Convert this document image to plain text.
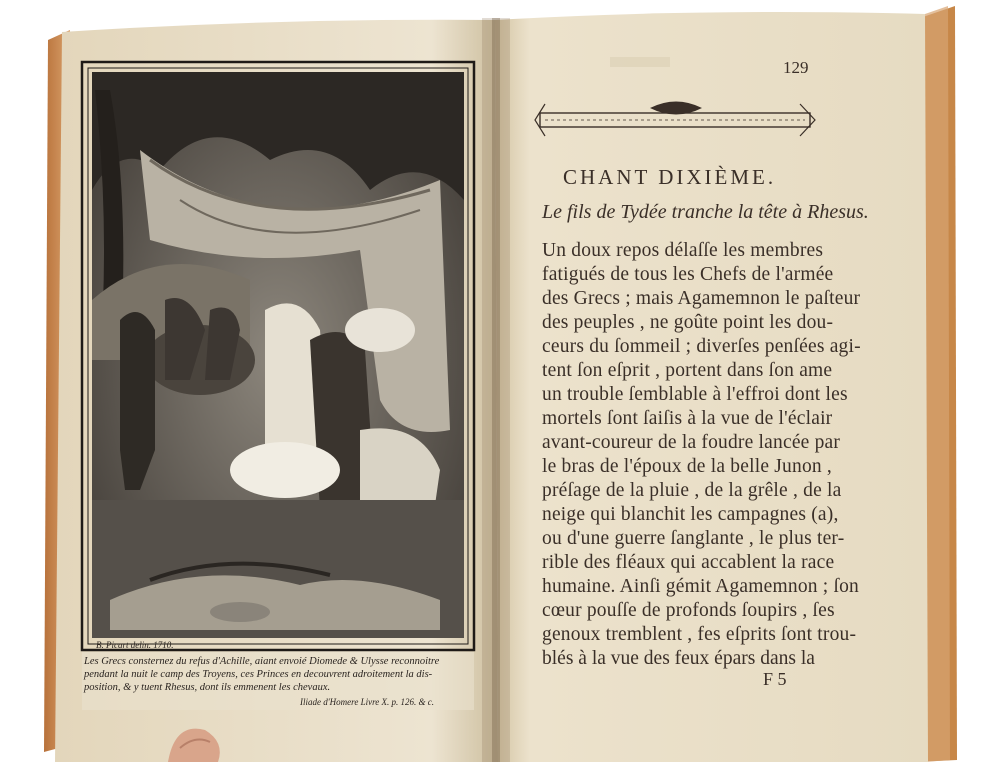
129
CHANT DIXIÈME.
Le fils de Tydée tranche la tête à Rhesus.
Un doux repos délaſſe les membres
fatigués de tous les Chefs de l'armée
des Grecs ; mais Agamemnon le paſteur
des peuples , ne goûte point les dou-
ceurs du ſommeil ; diverſes penſées agi-
tent ſon eſprit , portent dans ſon ame
un trouble ſemblable à l'effroi dont les
mortels ſont ſaiſis à la vue de l'éclair
avant-coureur de la foudre lancée par
le bras de l'époux de la belle Junon ,
préſage de la pluie , de la grêle , de la
neige qui blanchit les campagnes (a),
ou d'une guerre ſanglante , le plus ter-
rible des fléaux qui accablent la race
humaine. Ainſi gémit Agamemnon ; ſon
cœur pouſſe de profonds ſoupirs , ſes
genoux tremblent , fes eſprits ſont trou-
blés à la vue des feux épars dans la
F 5
B. Picart delin. 1710.
Les Grecs consternez du refus d'Achille, aiant envoié Diomede & Ulysse reconnoitre
pendant la nuit le camp des Troyens, ces Princes en decouvrent adroitement la dis-
position, & y tuent Rhesus, dont ils emmenent les chevaux.
Iliade d'Homere Livre X. p. 126. & c.
